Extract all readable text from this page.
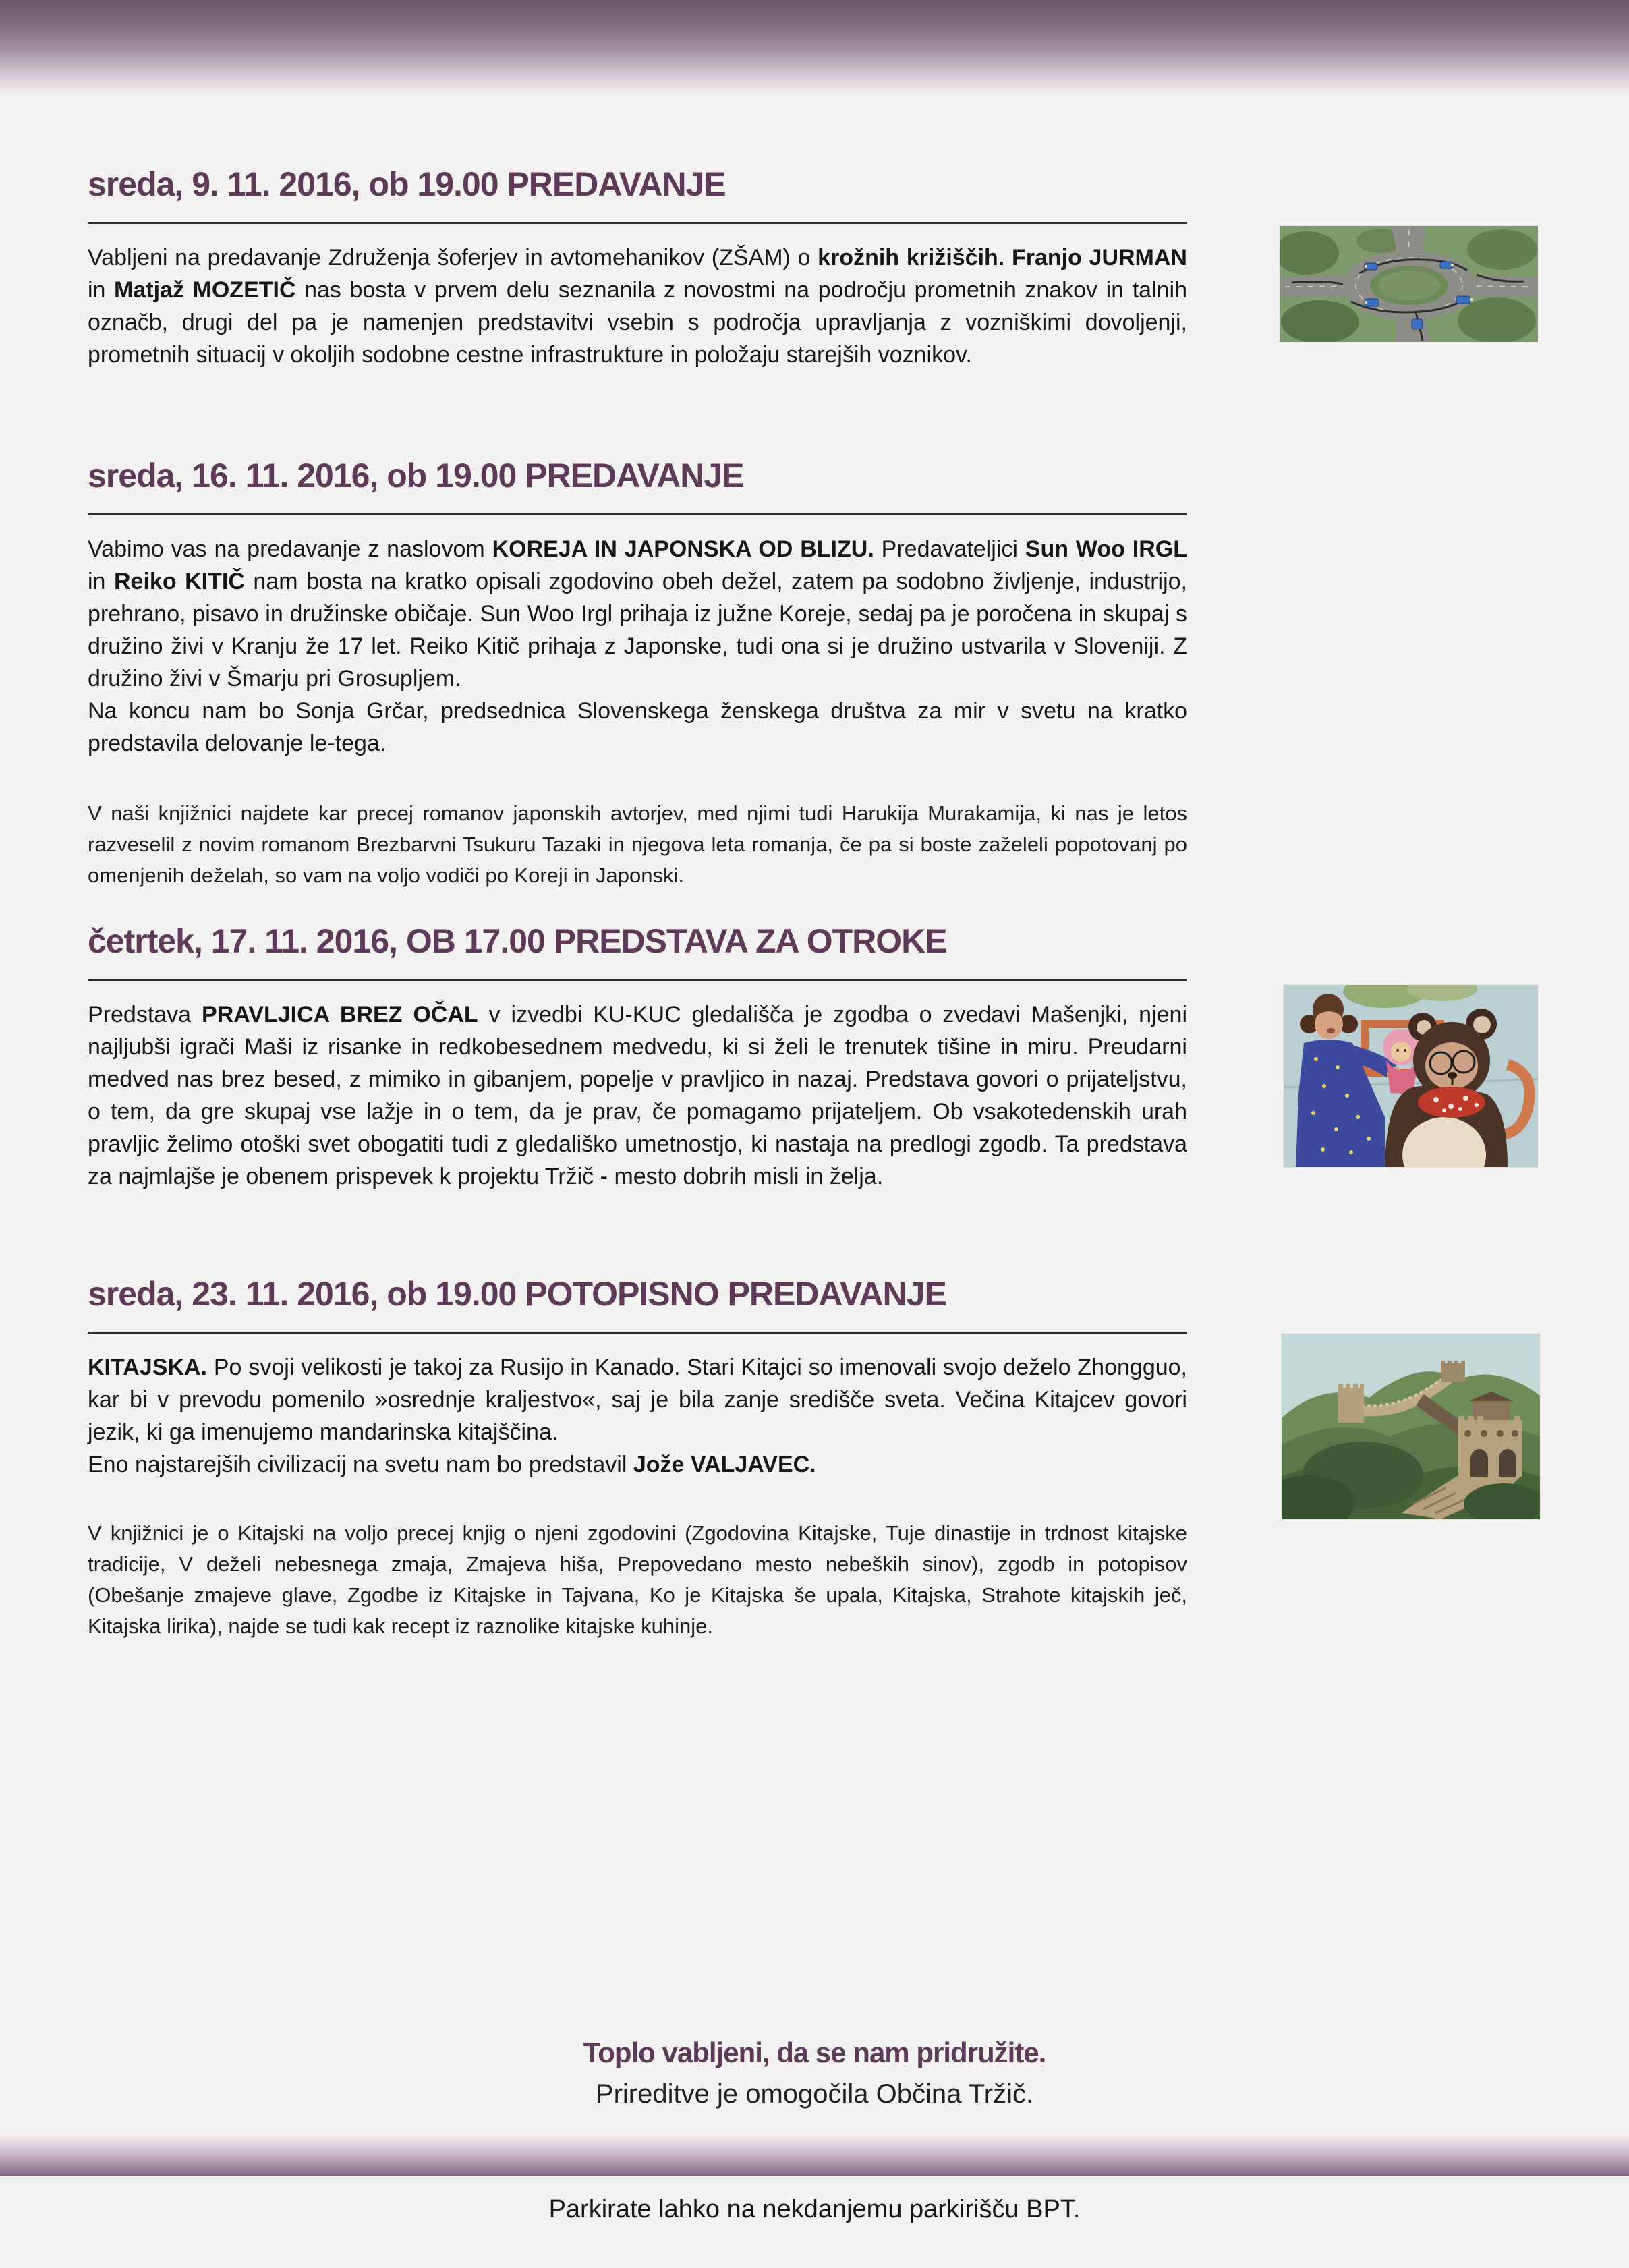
sreda, 9. 11. 2016, ob 19.00 PREDAVANJE

Vabljeni na predavanje Združenja šoferjev in avtomehanikov (ZŠAM) o krožnih križiščih. Franjo JURMAN in Matjaž MOZETIČ nas bosta v prvem delu seznanila z novostmi na področju prometnih znakov in talnih označb, drugi del pa je namenjen predstavitvi vsebin s področja upravljanja z vozniškimi dovoljenji, prometnih situacij v okoljih sodobne cestne infrastrukture in položaju starejših voznikov.

sreda, 16. 11. 2016, ob 19.00 PREDAVANJE

Vabimo vas na predavanje z naslovom KOREJA IN JAPONSKA OD BLIZU. Predavateljici Sun Woo IRGL in Reiko KITIČ nam bosta na kratko opisali zgodovino obeh dežel, zatem pa sodobno življenje, industrijo, prehrano, pisavo in družinske običaje. Sun Woo Irgl prihaja iz južne Koreje, sedaj pa je poročena in skupaj s družino živi v Kranju že 17 let. Reiko Kitič prihaja z Japonske, tudi ona si je družino ustvarila v Sloveniji. Z družino živi v Šmarju pri Grosupljem.

Na koncu nam bo Sonja Grčar, predsednica Slovenskega ženskega društva za mir v svetu na kratko predstavila delovanje le-tega.

V naši knjižnici najdete kar precej romanov japonskih avtorjev, med njimi tudi Harukija Murakamija, ki nas je letos razveselil z novim romanom Brezbarvni Tsukuru Tazaki in njegova leta romanja, če pa si boste zaželeli popotovanj po omenjenih deželah, so vam na voljo vodiči po Koreji in Japonski.

četrtek, 17. 11. 2016, OB 17.00 PREDSTAVA ZA OTROKE

Predstava PRAVLJICA BREZ OČAL v izvedbi KU-KUC gledališča je zgodba o zvedavi Mašenjki, njeni najljubši igrači Maši iz risanke in redkobesednem medvedu, ki si želi le trenutek tišine in miru. Preudarni medved nas brez besed, z mimiko in gibanjem, popelje v pravljico in nazaj. Predstava govori o prijateljstvu, o tem, da gre skupaj vse lažje in o tem, da je prav, če pomagamo prijateljem. Ob vsakotedenskih urah pravljic želimo otoški svet obogatiti tudi z gledališko umetnostjo, ki nastaja na predlogi zgodb. Ta predstava za najmlajše je obenem prispevek k projektu Tržič - mesto dobrih misli in želja.

sreda, 23. 11. 2016, ob 19.00 POTOPISNO PREDAVANJE

KITAJSKA. Po svoji velikosti je takoj za Rusijo in Kanado. Stari Kitajci so imenovali svojo deželo Zhongguo, kar bi v prevodu pomenilo »osrednje kraljestvo«, saj je bila zanje središče sveta. Večina Kitajcev govori jezik, ki ga imenujemo mandarinska kitajščina.

Eno najstarejših civilizacij na svetu nam bo predstavil Jože VALJAVEC.

V knjižnici je o Kitajski na voljo precej knjig o njeni zgodovini (Zgodovina Kitajske, Tuje dinastije in trdnost kitajske tradicije, V deželi nebesnega zmaja, Zmajeva hiša, Prepovedano mesto nebeških sinov), zgodb in potopisov (Obešanje zmajeve glave, Zgodbe iz Kitajske in Tajvana, Ko je Kitajska še upala, Kitajska, Strahote kitajskih ječ, Kitajska lirika), najde se tudi kak recept iz raznolike kitajske kuhinje.

Toplo vabljeni, da se nam pridružite.

Prireditve je omogočila Občina Tržič.

Parkirate lahko na nekdanjemu parkirišču BPT.
